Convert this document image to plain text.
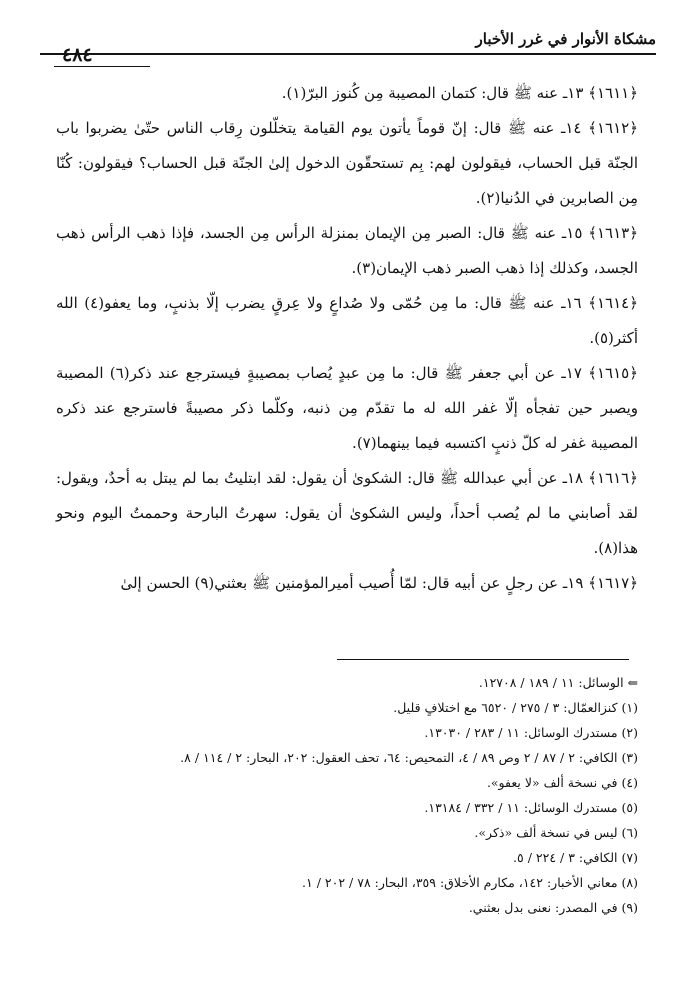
مشكاة الأنوار في غرر الأخبار
٤٨٤

﴿١٦١١﴾ ١٣ـ عنه ﷺ قال: كتمان المصيبة مِن كُنوز البرّ(١).

﴿١٦١٢﴾ ١٤ـ عنه ﷺ قال: إنّ قوماً يأتون يوم القيامة يتخلّلون رِقاب الناس حتّىٰ يضربوا باب الجنّة قبل الحساب، فيقولون لهم: بِم تستحقّون الدخول إلىٰ الجنّة قبل الحساب؟ فيقولون: كُنّا مِن الصابرين في الدُنيا(٢).

﴿١٦١٣﴾ ١٥ـ عنه ﷺ قال: الصبر مِن الإيمان بمنزلة الرأس مِن الجسد، فإذا ذهب الرأس ذهب الجسد، وكذلك إذا ذهب الصبر ذهب الإيمان(٣).

﴿١٦١٤﴾ ١٦ـ عنه ﷺ قال: ما مِن حُمّى ولا صُداعٍ ولا عِرقٍ يضرب إلّا بذنبٍ، وما يعفو(٤) الله أكثر(٥).

﴿١٦١٥﴾ ١٧ـ عن أبي جعفر ﷺ قال: ما مِن عبدٍ يُصاب بمصيبةٍ فيسترجع عند ذكر(٦) المصيبة ويصبر حين تفجأه إلّا غفر الله له ما تقدّم مِن ذنبه، وكلّما ذكر مصيبةً فاسترجع عند ذكره المصيبة غفر له كلّ ذنبٍ اكتسبه فيما بينهما(٧).

﴿١٦١٦﴾ ١٨ـ عن أبي عبدالله ﷺ قال: الشكوىٰ أن يقول: لقد ابتليتُ بما لم يبتل به أحدٌ، ويقول: لقد أصابني ما لم يُصب أحداً، وليس الشكوىٰ أن يقول: سهرتُ البارحة وحممتُ اليوم ونحو هذا(٨).

﴿١٦١٧﴾ ١٩ـ عن رجلٍ عن أبيه قال: لمّا أُصيب أميرالمؤمنين ﷺ بعثني(٩) الحسن إلىٰ

⇐ الوسائل: ١١ / ١٨٩ / ١٢٧٠٨.

(١) كنزالعمّال: ٣ / ٢٧٥ / ٦٥٢٠ مع اختلافٍ قليل.

(٢) مستدرك الوسائل: ١١ / ٢٨٣ / ١٣٠٣٠.

(٣) الكافي: ٢ / ٨٧ / ٢ وص ٨٩ / ٤، التمحيص: ٦٤، تحف العقول: ٢٠٢، البحار: ٢ / ١١٤ / ٨.

(٤) في نسخة ألف «لا يعفو».

(٥) مستدرك الوسائل: ١١ / ٣٣٢ / ١٣١٨٤.

(٦) ليس في نسخة ألف «ذكر».

(٧) الكافي: ٣ / ٢٢٤ / ٥.

(٨) معاني الأخبار: ١٤٢، مكارم الأخلاق: ٣٥٩، البحار: ٧٨ / ٢٠٢ / ١.

(٩) في المصدر: نعنى بدل بعثني.
